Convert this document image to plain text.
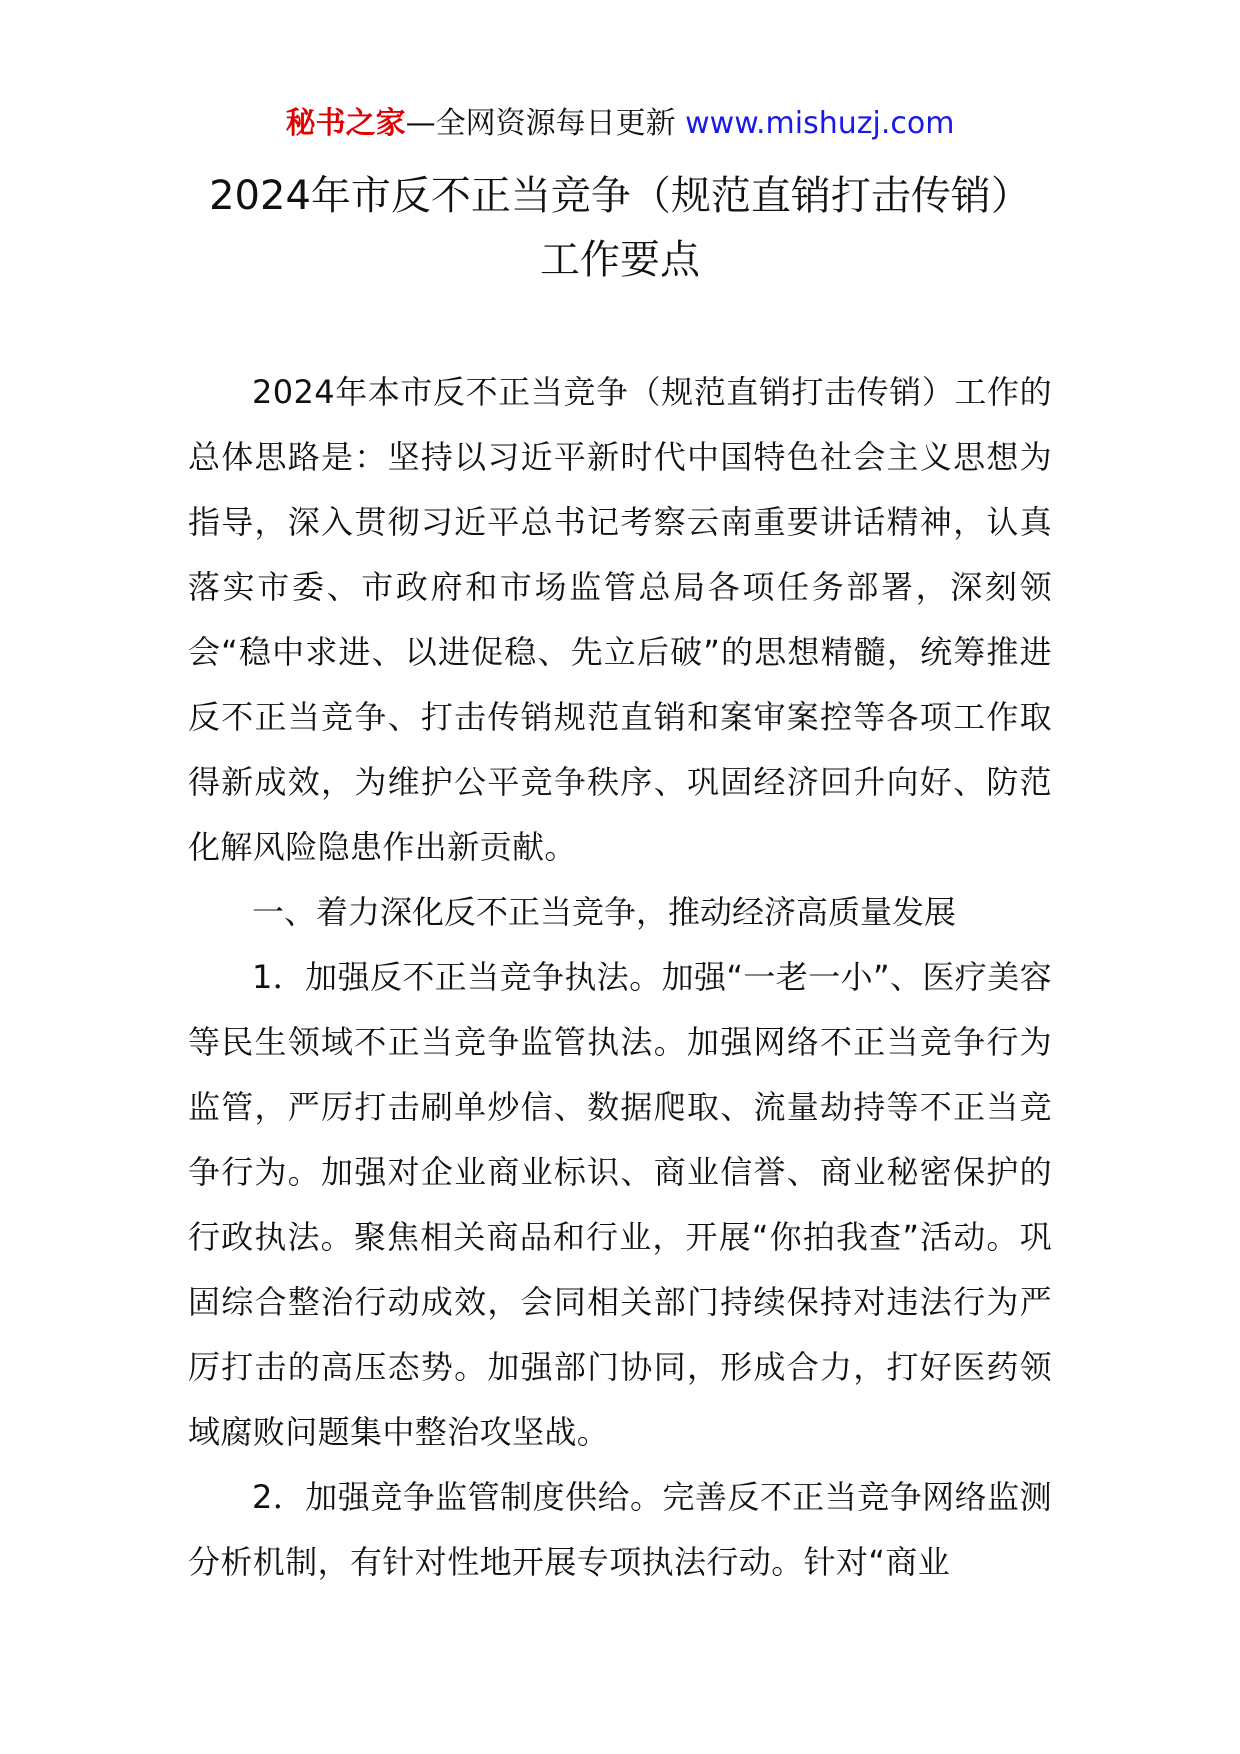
秘书之家—全网资源每日更新 www.mishuzj.com
2024年市反不正当竞争（规范直销打击传销）
工作要点

2024年本市反不正当竞争（规范直销打击传销）工作的总体思路是：坚持以习近平新时代中国特色社会主义思想为指导，深入贯彻习近平总书记考察云南重要讲话精神，认真落实市委、市政府和市场监管总局各项任务部署，深刻领会“稳中求进、以进促稳、先立后破”的思想精髓，统筹推进反不正当竞争、打击传销规范直销和案审案控等各项工作取得新成效，为维护公平竞争秩序、巩固经济回升向好、防范化解风险隐患作出新贡献。

一、着力深化反不正当竞争，推动经济高质量发展

1．加强反不正当竞争执法。加强“一老一小”、医疗美容等民生领域不正当竞争监管执法。加强网络不正当竞争行为监管，严厉打击刷单炒信、数据爬取、流量劫持等不正当竞争行为。加强对企业商业标识、商业信誉、商业秘密保护的行政执法。聚焦相关商品和行业，开展“你拍我查”活动。巩固综合整治行动成效，会同相关部门持续保持对违法行为严厉打击的高压态势。加强部门协同，形成合力，打好医药领域腐败问题集中整治攻坚战。

2．加强竞争监管制度供给。完善反不正当竞争网络监测分析机制，有针对性地开展专项执法行动。针对“商业
